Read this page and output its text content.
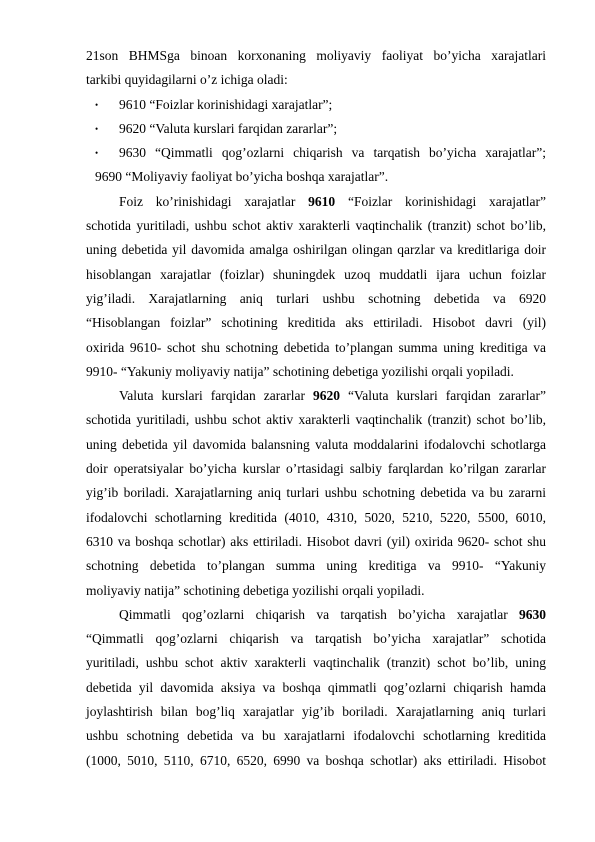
21son BHMSga binoan korxonaning moliyaviy faoliyat bo’yicha xarajatlari
tarkibi quyidagilarni o’z ichiga oladi:
• 9610 “Foizlar korinishidagi xarajatlar”;
• 9620 “Valuta kurslari farqidan zararlar”;
• 9630 “Qimmatli qog’ozlarni chiqarish va tarqatish bo’yicha xarajatlar”;
9690 “Moliyaviy faoliyat bo’yicha boshqa xarajatlar”.
Foiz ko’rinishidagi xarajatlar 9610 “Foizlar korinishidagi xarajatlar”
schotida yuritiladi, ushbu schot aktiv xarakterli vaqtinchalik (tranzit) schot bo’lib,
uning debetida yil davomida amalga oshirilgan olingan qarzlar va kreditlariga doir
hisoblangan xarajatlar (foizlar) shuningdek uzoq muddatli ijara uchun foizlar
yig’iladi. Xarajatlarning aniq turlari ushbu schotning debetida va 6920
“Hisoblangan foizlar” schotining kreditida aks ettiriladi. Hisobot davri (yil)
oxirida 9610- schot shu schotning debetida to’plangan summa uning kreditiga va
9910- “Yakuniy moliyaviy natija” schotining debetiga yozilishi orqali yopiladi.
Valuta kurslari farqidan zararlar 9620 “Valuta kurslari farqidan zararlar”
schotida yuritiladi, ushbu schot aktiv xarakterli vaqtinchalik (tranzit) schot bo’lib,
uning debetida yil davomida balansning valuta moddalarini ifodalovchi schotlarga
doir operatsiyalar bo’yicha kurslar o’rtasidagi salbiy farqlardan ko’rilgan zararlar
yig’ib boriladi. Xarajatlarning aniq turlari ushbu schotning debetida va bu zararni
ifodalovchi schotlarning kreditida (4010, 4310, 5020, 5210, 5220, 5500, 6010,
6310 va boshqa schotlar) aks ettiriladi. Hisobot davri (yil) oxirida 9620- schot shu
schotning debetida to’plangan summa uning kreditiga va 9910- “Yakuniy
moliyaviy natija” schotining debetiga yozilishi orqali yopiladi.
Qimmatli qog’ozlarni chiqarish va tarqatish bo’yicha xarajatlar 9630
“Qimmatli qog’ozlarni chiqarish va tarqatish bo’yicha xarajatlar” schotida
yuritiladi, ushbu schot aktiv xarakterli vaqtinchalik (tranzit) schot bo’lib, uning
debetida yil davomida aksiya va boshqa qimmatli qog’ozlarni chiqarish hamda
joylashtirish bilan bog’liq xarajatlar yig’ib boriladi. Xarajatlarning aniq turlari
ushbu schotning debetida va bu xarajatlarni ifodalovchi schotlarning kreditida
(1000, 5010, 5110, 6710, 6520, 6990 va boshqa schotlar) aks ettiriladi. Hisobot
